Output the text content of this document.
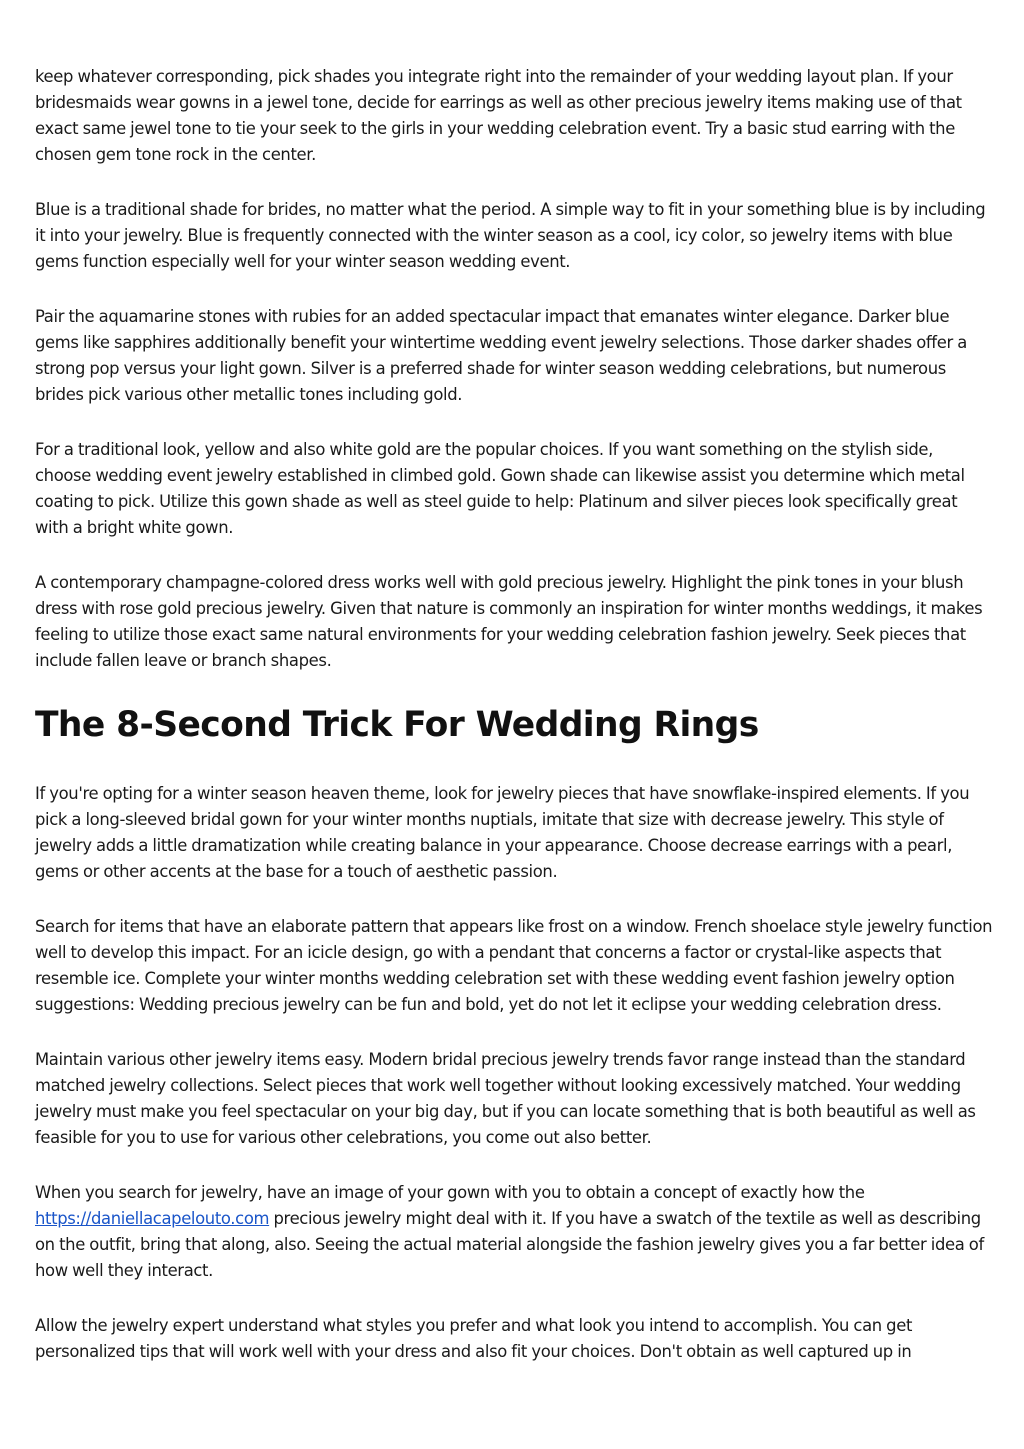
keep whatever corresponding, pick shades you integrate right into the remainder of your wedding layout plan. If your bridesmaids wear gowns in a jewel tone, decide for earrings as well as other precious jewelry items making use of that exact same jewel tone to tie your seek to the girls in your wedding celebration event. Try a basic stud earring with the chosen gem tone rock in the center.

Blue is a traditional shade for brides, no matter what the period. A simple way to fit in your something blue is by including it into your jewelry. Blue is frequently connected with the winter season as a cool, icy color, so jewelry items with blue gems function especially well for your winter season wedding event.

Pair the aquamarine stones with rubies for an added spectacular impact that emanates winter elegance. Darker blue gems like sapphires additionally benefit your wintertime wedding event jewelry selections. Those darker shades offer a strong pop versus your light gown. Silver is a preferred shade for winter season wedding celebrations, but numerous brides pick various other metallic tones including gold.

For a traditional look, yellow and also white gold are the popular choices. If you want something on the stylish side, choose wedding event jewelry established in climbed gold. Gown shade can likewise assist you determine which metal coating to pick. Utilize this gown shade as well as steel guide to help: Platinum and silver pieces look specifically great with a bright white gown.

A contemporary champagne-colored dress works well with gold precious jewelry. Highlight the pink tones in your blush dress with rose gold precious jewelry. Given that nature is commonly an inspiration for winter months weddings, it makes feeling to utilize those exact same natural environments for your wedding celebration fashion jewelry. Seek pieces that include fallen leave or branch shapes.

The 8-Second Trick For Wedding Rings

If you're opting for a winter season heaven theme, look for jewelry pieces that have snowflake-inspired elements. If you pick a long-sleeved bridal gown for your winter months nuptials, imitate that size with decrease jewelry. This style of jewelry adds a little dramatization while creating balance in your appearance. Choose decrease earrings with a pearl, gems or other accents at the base for a touch of aesthetic passion.

Search for items that have an elaborate pattern that appears like frost on a window. French shoelace style jewelry function well to develop this impact. For an icicle design, go with a pendant that concerns a factor or crystal-like aspects that resemble ice. Complete your winter months wedding celebration set with these wedding event fashion jewelry option suggestions: Wedding precious jewelry can be fun and bold, yet do not let it eclipse your wedding celebration dress.

Maintain various other jewelry items easy. Modern bridal precious jewelry trends favor range instead than the standard matched jewelry collections. Select pieces that work well together without looking excessively matched. Your wedding jewelry must make you feel spectacular on your big day, but if you can locate something that is both beautiful as well as feasible for you to use for various other celebrations, you come out also better.

When you search for jewelry, have an image of your gown with you to obtain a concept of exactly how the https://daniellacapelouto.com precious jewelry might deal with it. If you have a swatch of the textile as well as describing on the outfit, bring that along, also. Seeing the actual material alongside the fashion jewelry gives you a far better idea of how well they interact.

Allow the jewelry expert understand what styles you prefer and what look you intend to accomplish. You can get personalized tips that will work well with your dress and also fit your choices. Don't obtain as well captured up in
